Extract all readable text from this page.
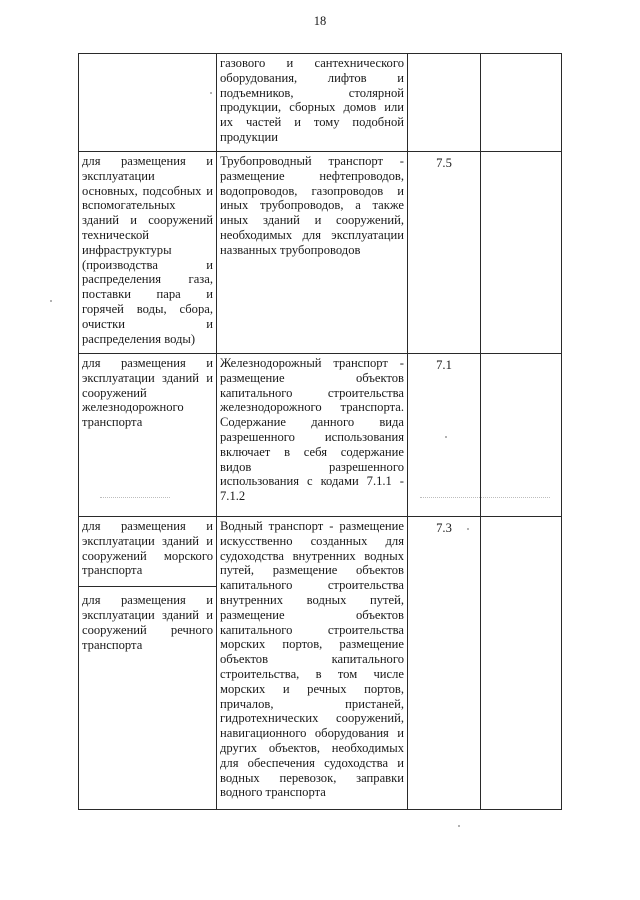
18

	газового и сантехнического оборудования, лифтов и подъемников, столярной продукции, сборных домов или их частей и тому подобной продукции		

для размещения и эксплуатации основных, подсобных и вспомогательных зданий и сооружений технической инфраструктуры (производства и распределения газа, поставки пара и горячей воды, сбора, очистки и распределения воды)	Трубопроводный транспорт - размещение нефтепроводов, водопроводов, газопроводов и иных трубопроводов, а также иных зданий и сооружений, необходимых для эксплуатации названных трубопроводов	7.5	

для размещения и эксплуатации зданий и сооружений железнодорожного транспорта	Железнодорожный транспорт - размещение объектов капитального строительства железнодорожного транспорта. Содержание данного вида разрешенного использования включает в себя содержание видов разрешенного использования с кодами 7.1.1 - 7.1.2	7.1	

для размещения и эксплуатации зданий и сооружений морского транспорта
для размещения и эксплуатации зданий и сооружений речного транспорта	Водный транспорт - размещение искусственно созданных для судоходства внутренних водных путей, размещение объектов капитального строительства внутренних водных путей, размещение объектов капитального строительства морских портов, размещение объектов капитального строительства, в том числе морских и речных портов, причалов, пристаней, гидротехнических сооружений, навигационного оборудования и других объектов, необходимых для обеспечения судоходства и водных перевозок, заправки водного транспорта	7.3	
